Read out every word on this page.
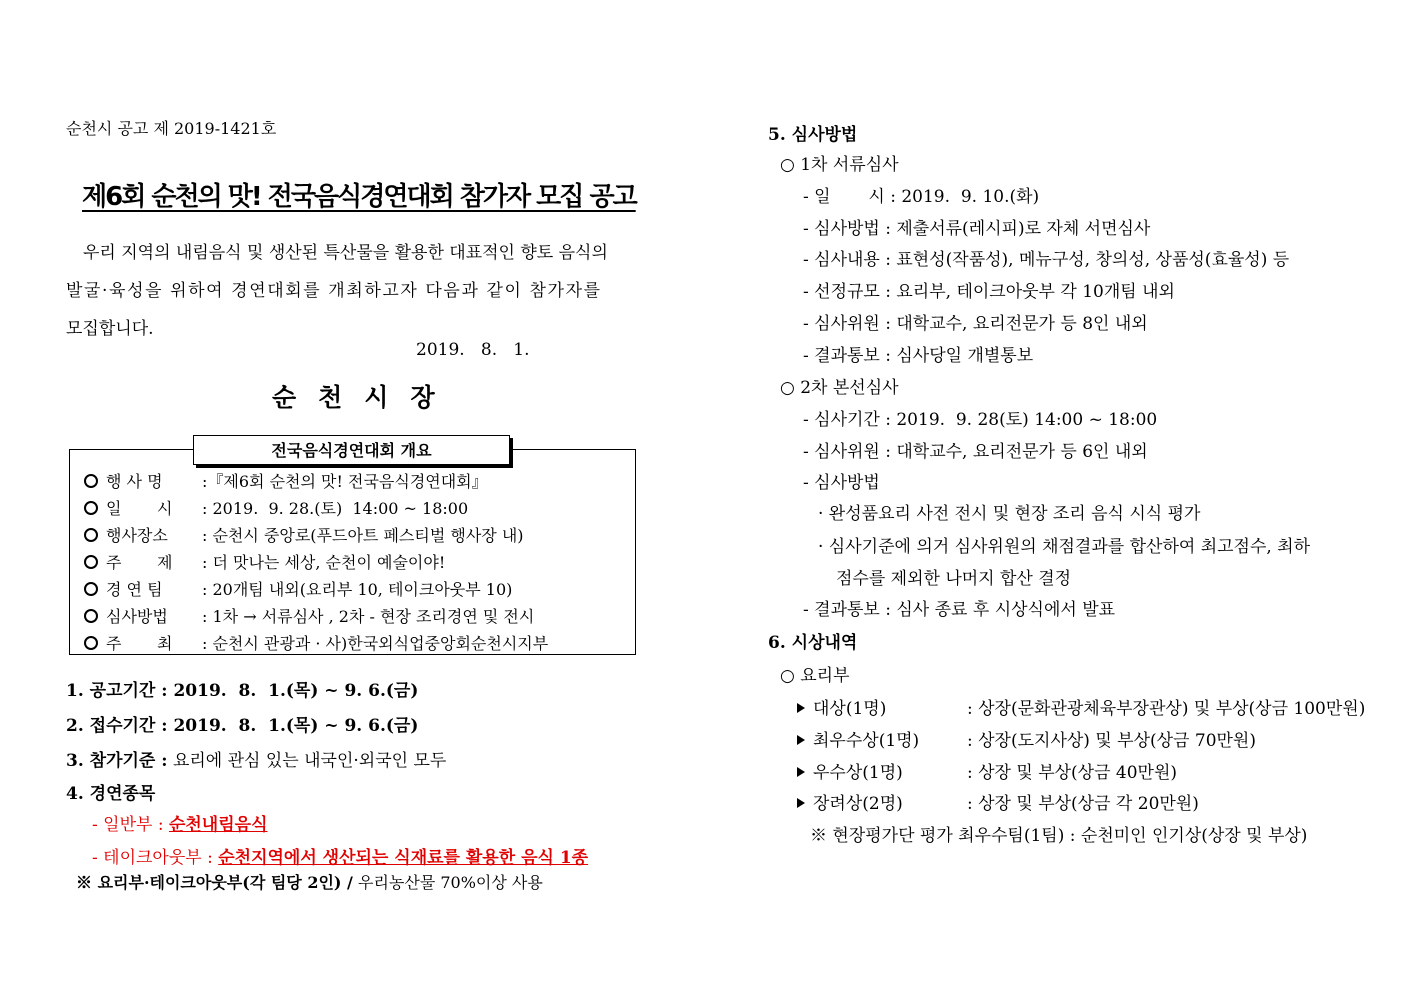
순천시 공고 제 2019-1421호
제6회 순천의 맛! 전국음식경연대회 참가자 모집 공고
우리 지역의 내림음식 및 생산된 특산물을 활용한 대표적인 향토 음식의
발굴·육성을 위하여 경연대회를 개최하고자 다음과 같이 참가자를
모집합니다.
2019.   8.   1.
순천시장
전국음식경연대회 개요
행 사 명 :『제6회 순천의 맛! 전국음식경연대회』
일       시 : 2019.  9. 28.(토)  14:00 ~ 18:00
행사장소 : 순천시 중앙로(푸드아트 페스티벌 행사장 내)
주       제 : 더 맛나는 세상, 순천이 예술이야!
경 연 팀 : 20개팀 내외(요리부 10, 테이크아웃부 10)
심사방법 : 1차 → 서류심사 , 2차 - 현장 조리경연 및 전시
주       최 : 순천시 관광과 · 사)한국외식업중앙회순천시지부
1. 공고기간 : 2019.  8.  1.(목) ~ 9. 6.(금)
2. 접수기간 : 2019.  8.  1.(목) ~ 9. 6.(금)
3. 참가기준 : 요리에 관심 있는 내국인·외국인 모두
4. 경연종목
- 일반부 : 순천내림음식
- 테이크아웃부 : 순천지역에서 생산되는 식재료를 활용한 음식 1종
※ 요리부·테이크아웃부(각 팀당 2인) / 우리농산물 70%이상 사용
5. 심사방법
○ 1차 서류심사
- 일       시 : 2019.  9. 10.(화)
- 심사방법 : 제출서류(레시피)로 자체 서면심사
- 심사내용 : 표현성(작품성), 메뉴구성, 창의성, 상품성(효율성) 등
- 선정규모 : 요리부, 테이크아웃부 각 10개팀 내외
- 심사위원 : 대학교수, 요리전문가 등 8인 내외
- 결과통보 : 심사당일 개별통보
○ 2차 본선심사
- 심사기간 : 2019.  9. 28(토) 14:00 ~ 18:00
- 심사위원 : 대학교수, 요리전문가 등 6인 내외
- 심사방법
· 완성품요리 사전 전시 및 현장 조리 음식 시식 평가
· 심사기준에 의거 심사위원의 채점결과를 합산하여 최고점수, 최하
점수를 제외한 나머지 합산 결정
- 결과통보 : 심사 종료 후 시상식에서 발표
6. 시상내역
○ 요리부
대상(1명)	: 상장(문화관광체육부장관상) 및 부상(상금 100만원)
최우수상(1명)	: 상장(도지사상) 및 부상(상금 70만원)
우수상(1명)	: 상장 및 부상(상금 40만원)
장려상(2명)	: 상장 및 부상(상금 각 20만원)
※ 현장평가단 평가 최우수팀(1팀) : 순천미인 인기상(상장 및 부상)
